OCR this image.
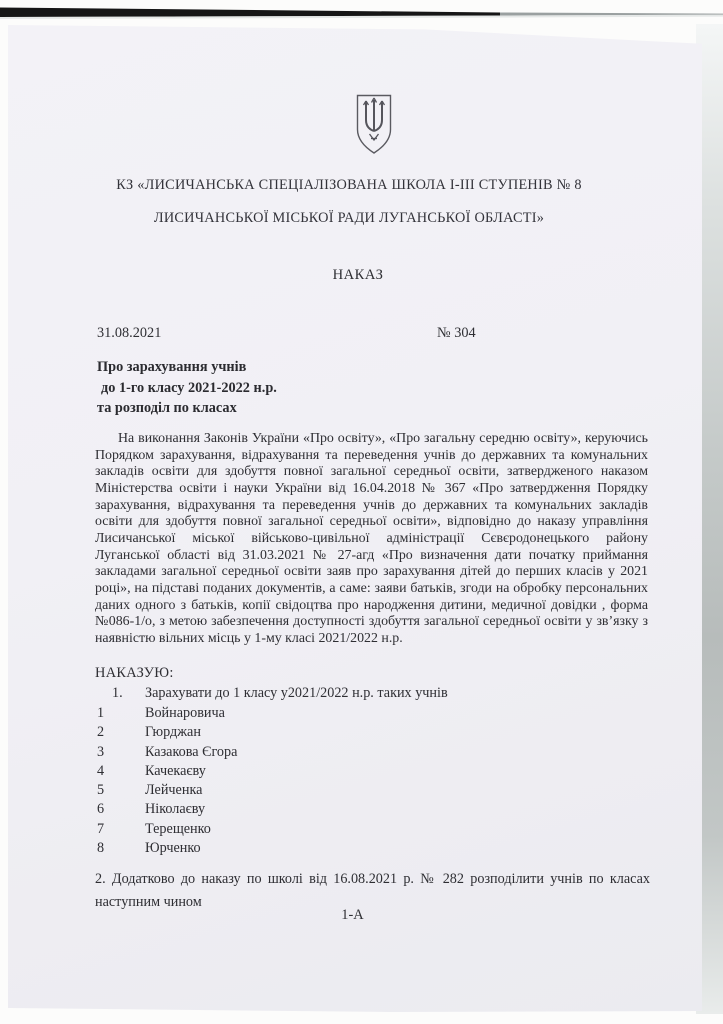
КЗ «ЛИСИЧАНСЬКА СПЕЦІАЛІЗОВАНА ШКОЛА І-ІІІ СТУПЕНІВ № 8
ЛИСИЧАНСЬКОЇ МІСЬКОЇ РАДИ ЛУГАНСЬКОЇ ОБЛАСТІ»
НАКАЗ
31.08.2021	№ 304
Про зарахування учнів
до 1-го класу 2021-2022 н.р.
та розподіл по класах
На виконання Законів України «Про освіту», «Про загальну середню освіту», керуючись Порядком зарахування, відрахування та переведення учнів до державних та комунальних закладів освіти для здобуття повної загальної середньої освіти, затвердженого наказом Міністерства освіти і науки України від 16.04.2018 № 367 «Про затвердження Порядку зарахування, відрахування та переведення учнів до державних та комунальних закладів освіти для здобуття повної загальної середньої освіти», відповідно до наказу управління Лисичанської міської військово-цивільної адміністрації Сєвєродонецького району Луганської області від 31.03.2021 № 27-агд «Про визначення дати початку приймання закладами загальної середньої освіти заяв про зарахування дітей до перших класів у 2021 році», на підставі поданих документів, а саме: заяви батьків, згоди на обробку персональних даних одного з батьків, копії свідоцтва про народження дитини, медичної довідки , форма №086-1/о, з метою забезпечення доступності здобуття загальної середньої освіти у зв’язку з наявністю вільних місць у 1-му класі 2021/2022 н.р.
НАКАЗУЮ:
1. Зарахувати до 1 класу у2021/2022 н.р. таких учнів
1	Войнаровича
2	Гюрджан
3	Казакова Єгора
4	Качекаєву
5	Лейченка
6	Ніколаєву
7	Терещенко
8	Юрченко
2. Додатково до наказу по школі від 16.08.2021 р. № 282 розподілити учнів по класах наступним чином
1-А
